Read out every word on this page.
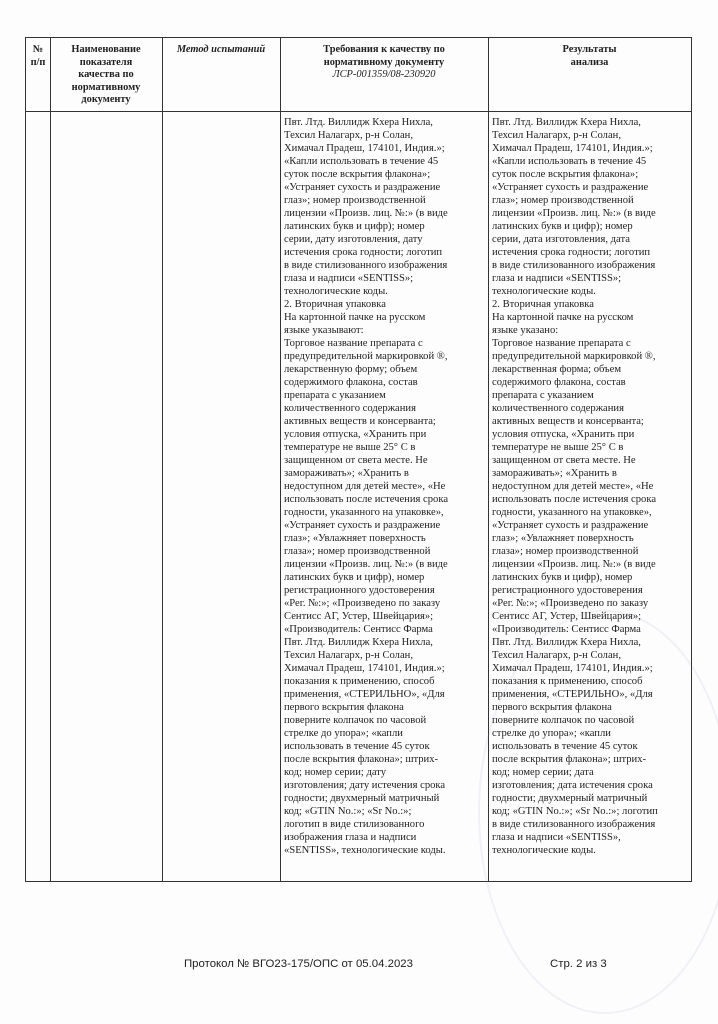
№
п/п
Наименование
показателя
качества по
нормативному
документу
Метод испытаний	Требования к качеству по
нормативному документу
ЛСР-001359/08-230920
Результаты
анализа
Пвт. Лтд. Виллидж Кхера Нихла,
Техсил Налагарх, р-н Солан,
Химачал Прадеш, 174101, Индия.»;
«Капли использовать в течение 45
суток после вскрытия флакона»;
«Устраняет сухость и раздражение
глаз»; номер производственной
лицензии «Произв. лиц. №:» (в виде
латинских букв и цифр); номер
серии, дату изготовления, дату
истечения срока годности; логотип
в виде стилизованного изображения
глаза и надписи «SENTISS»;
технологические коды.
2. Вторичная упаковка
На картонной пачке на русском
языке указывают:
Торговое название препарата с
предупредительной маркировкой ®,
лекарственную форму; объем
содержимого флакона, состав
препарата с указанием
количественного содержания
активных веществ и консерванта;
условия отпуска, «Хранить при
температуре не выше 25° С в
защищенном от света месте. Не
замораживать»; «Хранить в
недоступном для детей месте», «Не
использовать после истечения срока
годности, указанного на упаковке»,
«Устраняет сухость и раздражение
глаз»; «Увлажняет поверхность
глаза»; номер производственной
лицензии «Произв. лиц. №:» (в виде
латинских букв и цифр), номер
регистрационного удостоверения
«Рег. №:»; «Произведено по заказу
Сентисс АГ, Устер, Швейцария»;
«Производитель: Сентисс Фарма
Пвт. Лтд. Виллидж Кхера Нихла,
Техсил Налагарх, р-н Солан,
Химачал Прадеш, 174101, Индия.»;
показания к применению, способ
применения, «СТЕРИЛЬНО», «Для
первого вскрытия флакона
поверните колпачок по часовой
стрелке до упора»; «капли
использовать в течение 45 суток
после вскрытия флакона»; штрих-
код; номер серии; дату
изготовления; дату истечения срока
годности; двухмерный матричный
код; «GTIN No.:»; «Sr No.:»;
логотип в виде стилизованного
изображения глаза и надписи
«SENTISS», технологические коды.
Пвт. Лтд. Виллидж Кхера Нихла,
Техсил Налагарх, р-н Солан,
Химачал Прадеш, 174101, Индия.»;
«Капли использовать в течение 45
суток после вскрытия флакона»;
«Устраняет сухость и раздражение
глаз»; номер производственной
лицензии «Произв. лиц. №:» (в виде
латинских букв и цифр); номер
серии, дата изготовления, дата
истечения срока годности; логотип
в виде стилизованного изображения
глаза и надписи «SENTISS»;
технологические коды.
2. Вторичная упаковка
На картонной пачке на русском
языке указано:
Торговое название препарата с
предупредительной маркировкой ®,
лекарственная форма; объем
содержимого флакона, состав
препарата с указанием
количественного содержания
активных веществ и консерванта;
условия отпуска, «Хранить при
температуре не выше 25° С в
защищенном от света месте. Не
замораживать»; «Хранить в
недоступном для детей месте», «Не
использовать после истечения срока
годности, указанного на упаковке»,
«Устраняет сухость и раздражение
глаз»; «Увлажняет поверхность
глаза»; номер производственной
лицензии «Произв. лиц. №:» (в виде
латинских букв и цифр), номер
регистрационного удостоверения
«Рег. №:»; «Произведено по заказу
Сентисс АГ, Устер, Швейцария»;
«Производитель: Сентисс Фарма
Пвт. Лтд. Виллидж Кхера Нихла,
Техсил Налагарх, р-н Солан,
Химачал Прадеш, 174101, Индия.»;
показания к применению, способ
применения, «СТЕРИЛЬНО», «Для
первого вскрытия флакона
поверните колпачок по часовой
стрелке до упора»; «капли
использовать в течение 45 суток
после вскрытия флакона»; штрих-
код; номер серии; дата
изготовления; дата истечения срока
годности; двухмерный матричный
код; «GTIN No.:»; «Sr No.:»; логотип
в виде стилизованного изображения
глаза и надписи «SENTISS»,
технологические коды.
Протокол № ВГО23-175/ОПС от 05.04.2023	Стр. 2 из 3
